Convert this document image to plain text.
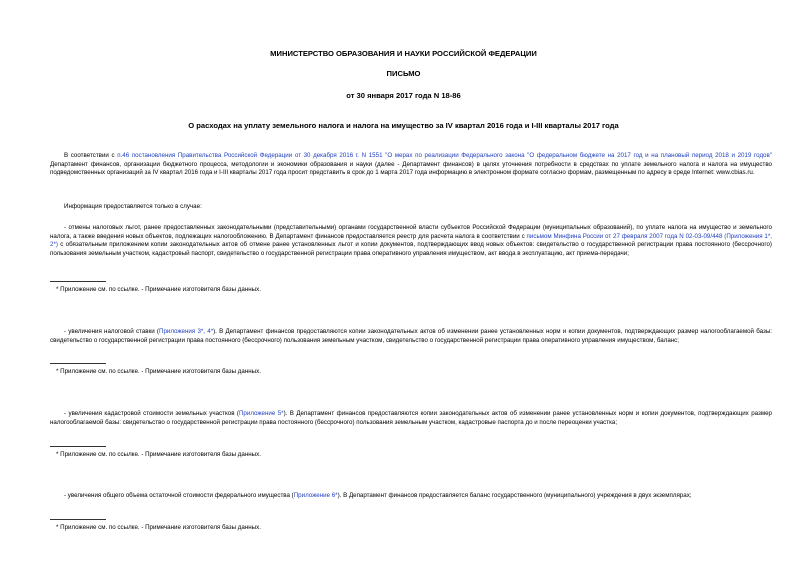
МИНИСТЕРСТВО ОБРАЗОВАНИЯ И НАУКИ РОССИЙСКОЙ ФЕДЕРАЦИИ
ПИСЬМО
от 30 января 2017 года N 18-86
О расходах на уплату земельного налога и налога на имущество за IV квартал 2016 года и I-III кварталы 2017 года
В соответствии с п.46 постановления Правительства Российской Федерации от 30 декабря 2016 г. N 1551 "О мерах по реализации Федерального закона "О федеральном бюджете на 2017 год и на плановый период 2018 и 2019 годов" Департамент финансов, организации бюджетного процесса, методологии и экономики образования и науки (далее - Департамент финансов) в целях уточнения потребности в средствах по уплате земельного налога и налога на имущество подведомственных организаций за IV квартал 2016 года и I-III кварталы 2017 года просит представить в срок до 1 марта 2017 года информацию в электронном формате согласно формам, размещенным по адресу в среде Internet: www.cbias.ru.
Информация предоставляется только в случае:
- отмены налоговых льгот, ранее предоставленных законодательными (представительными) органами государственной власти субъектов Российской Федерации (муниципальных образований), по уплате налога на имущество и земельного налога, а также введения новых объектов, подлежащих налогообложению. В Департамент финансов предоставляется реестр для расчета налога в соответствии с письмом Минфина России от 27 февраля 2007 года N 02-03-09/448 (Приложения 1*, 2*) с обязательным приложением копии законодательных актов об отмене ранее установленных льгот и копии документов, подтверждающих ввод новых объектов: свидетельство о государственной регистрации права постоянного (бессрочного) пользования земельным участком, кадастровый паспорт, свидетельство о государственной регистрации права оперативного управления имуществом, акт ввода в эксплуатацию, акт приема-передачи;
* Приложение см. по ссылке. - Примечание изготовителя базы данных.
- увеличения налоговой ставки (Приложения 3*, 4*). В Департамент финансов предоставляются копии законодательных актов об изменении ранее установленных норм и копии документов, подтверждающих размер налогооблагаемой базы: свидетельство о государственной регистрации права постоянного (бессрочного) пользования земельным участком, свидетельство о государственной регистрации права оперативного управления имуществом, баланс;
* Приложение см. по ссылке. - Примечание изготовителя базы данных.
- увеличения кадастровой стоимости земельных участков (Приложение 5*). В Департамент финансов предоставляются копии законодательных актов об изменении ранее установленных норм и копии документов, подтверждающих размер налогооблагаемой базы: свидетельство о государственной регистрации права постоянного (бессрочного) пользования земельным участком, кадастровые паспорта до и после переоценки участка;
* Приложение см. по ссылке. - Примечание изготовителя базы данных.
- увеличения общего объема остаточной стоимости федерального имущества (Приложение 6*). В Департамент финансов предоставляется баланс государственного (муниципального) учреждения в двух экземплярах;
* Приложение см. по ссылке. - Примечание изготовителя базы данных.
